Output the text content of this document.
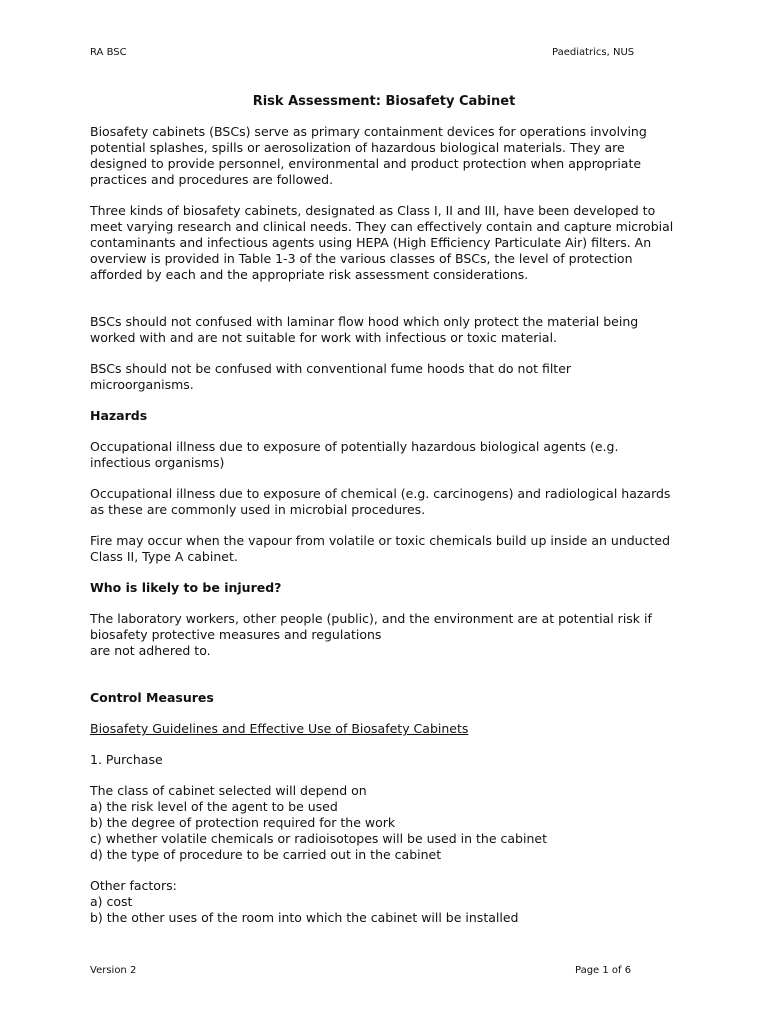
RA BSC	Paediatrics, NUS
Risk Assessment: Biosafety Cabinet

Biosafety cabinets (BSCs) serve as primary containment devices for operations involving
potential splashes, spills or aerosolization of hazardous biological materials. They are
designed to provide personnel, environmental and product protection when appropriate
practices and procedures are followed.

Three kinds of biosafety cabinets, designated as Class I, II and III, have been developed to
meet varying research and clinical needs. They can effectively contain and capture microbial
contaminants and infectious agents using HEPA (High Efficiency Particulate Air) filters. An
overview is provided in Table 1-3 of the various classes of BSCs, the level of protection
afforded by each and the appropriate risk assessment considerations.

BSCs should not confused with laminar flow hood which only protect the material being
worked with and are not suitable for work with infectious or toxic material.

BSCs should not be confused with conventional fume hoods that do not filter
microorganisms.

Hazards

Occupational illness due to exposure of potentially hazardous biological agents (e.g.
infectious organisms)

Occupational illness due to exposure of chemical (e.g. carcinogens) and radiological hazards
as these are commonly used in microbial procedures.

Fire may occur when the vapour from volatile or toxic chemicals build up inside an unducted
Class II, Type A cabinet.

Who is likely to be injured?

The laboratory workers, other people (public), and the environment are at potential risk if
biosafety protective measures and regulations
are not adhered to.

Control Measures

Biosafety Guidelines and Effective Use of Biosafety Cabinets

1. Purchase

The class of cabinet selected will depend on
a) the risk level of the agent to be used
b) the degree of protection required for the work
c) whether volatile chemicals or radioisotopes will be used in the cabinet
d) the type of procedure to be carried out in the cabinet

Other factors:
a) cost
b) the other uses of the room into which the cabinet will be installed

Version 2	Page 1 of 6
